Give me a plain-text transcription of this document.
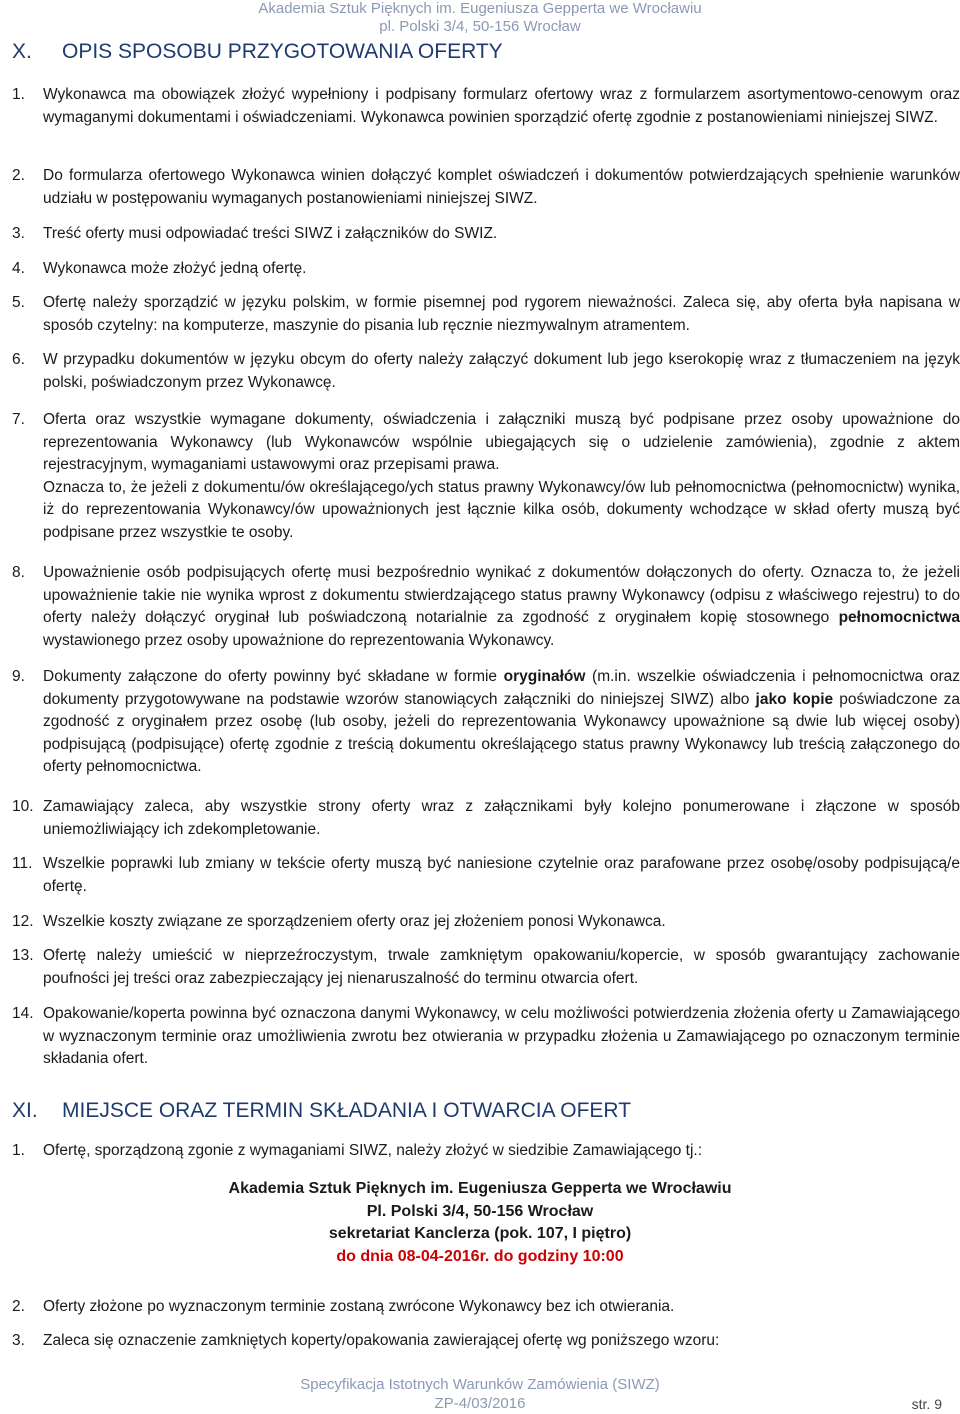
Akademia Sztuk Pięknych im. Eugeniusza Gepperta we Wrocławiu
pl. Polski 3/4, 50-156 Wrocław
X. OPIS SPOSOBU PRZYGOTOWANIA OFERTY
1. Wykonawca ma obowiązek złożyć wypełniony i podpisany formularz ofertowy wraz z formularzem asortymentowo-cenowym oraz wymaganymi dokumentami i oświadczeniami. Wykonawca powinien sporządzić ofertę zgodnie z postanowieniami niniejszej SIWZ.
2. Do formularza ofertowego Wykonawca winien dołączyć komplet oświadczeń i dokumentów potwierdzających spełnienie warunków udziału w postępowaniu wymaganych postanowieniami niniejszej SIWZ.
3. Treść oferty musi odpowiadać treści SIWZ i załączników do SWIZ.
4. Wykonawca może złożyć jedną ofertę.
5. Ofertę należy sporządzić w języku polskim, w formie pisemnej pod rygorem nieważności. Zaleca się, aby oferta była napisana w sposób czytelny: na komputerze, maszynie do pisania lub ręcznie niezmywalnym atramentem.
6. W przypadku dokumentów w języku obcym do oferty należy załączyć dokument lub jego kserokopię wraz z tłumaczeniem na język polski, poświadczonym przez Wykonawcę.
7. Oferta oraz wszystkie wymagane dokumenty, oświadczenia i załączniki muszą być podpisane przez osoby upoważnione do reprezentowania Wykonawcy (lub Wykonawców wspólnie ubiegających się o udzielenie zamówienia), zgodnie z aktem rejestracyjnym, wymaganiami ustawowymi oraz przepisami prawa.

Oznacza to, że jeżeli z dokumentu/ów określającego/ych status prawny Wykonawcy/ów lub pełnomocnictwa (pełnomocnictw) wynika, iż do reprezentowania Wykonawcy/ów upoważnionych jest łącznie kilka osób, dokumenty wchodzące w skład oferty muszą być podpisane przez wszystkie te osoby.

8. Upoważnienie osób podpisujących ofertę musi bezpośrednio wynikać z dokumentów dołączonych do oferty. Oznacza to, że jeżeli upoważnienie takie nie wynika wprost z dokumentu stwierdzającego status prawny Wykonawcy (odpisu z właściwego rejestru) to do oferty należy dołączyć oryginał lub poświadczoną notarialnie za zgodność z oryginałem kopię stosownego pełnomocnictwa wystawionego przez osoby upoważnione do reprezentowania Wykonawcy.
9. Dokumenty załączone do oferty powinny być składane w formie oryginałów (m.in. wszelkie oświadczenia i pełnomocnictwa oraz dokumenty przygotowywane na podstawie wzorów stanowiących załączniki do niniejszej SIWZ) albo jako kopie poświadczone za zgodność z oryginałem przez osobę (lub osoby, jeżeli do reprezentowania Wykonawcy upoważnione są dwie lub więcej osoby) podpisującą (podpisujące) ofertę zgodnie z treścią dokumentu określającego status prawny Wykonawcy lub treścią załączonego do oferty pełnomocnictwa.
10. Zamawiający zaleca, aby wszystkie strony oferty wraz z załącznikami były kolejno ponumerowane i złączone w sposób uniemożliwiający ich zdekompletowanie.
11. Wszelkie poprawki lub zmiany w tekście oferty muszą być naniesione czytelnie oraz parafowane przez osobę/osoby podpisującą/e ofertę.
12. Wszelkie koszty związane ze sporządzeniem oferty oraz jej złożeniem ponosi Wykonawca.
13. Ofertę należy umieścić w nieprzeźroczystym, trwale zamkniętym opakowaniu/kopercie, w sposób gwarantujący zachowanie poufności jej treści oraz zabezpieczający jej nienaruszalność do terminu otwarcia ofert.
14. Opakowanie/koperta powinna być oznaczona danymi Wykonawcy, w celu możliwości potwierdzenia złożenia oferty u Zamawiającego w wyznaczonym terminie oraz umożliwienia zwrotu bez otwierania w przypadku złożenia u Zamawiającego po oznaczonym terminie składania ofert.
XI. MIEJSCE ORAZ TERMIN SKŁADANIA I OTWARCIA OFERT
1. Ofertę, sporządzoną zgonie z wymaganiami SIWZ, należy złożyć w siedzibie Zamawiającego tj.:
Akademia Sztuk Pięknych im. Eugeniusza Gepperta we Wrocławiu
Pl. Polski 3/4, 50-156 Wrocław
sekretariat Kanclerza (pok. 107, I piętro)
do dnia 08-04-2016r. do godziny 10:00
2. Oferty złożone po wyznaczonym terminie zostaną zwrócone Wykonawcy bez ich otwierania.
3. Zaleca się oznaczenie zamkniętych koperty/opakowania zawierającej ofertę wg poniższego wzoru:
Specyfikacja Istotnych Warunków Zamówienia (SIWZ)
ZP-4/03/2016	str. 9
